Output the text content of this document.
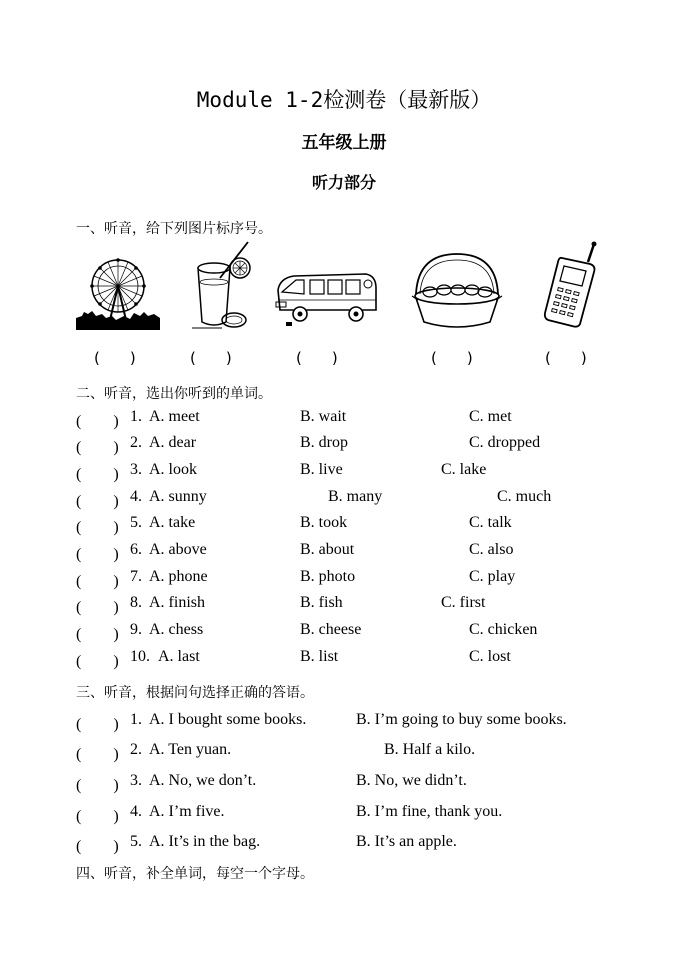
Module 1-2检测卷（最新版）
五年级上册
听力部分
一、听音，给下列图片标序号。
(　　)	(　　)	(　　)	(　　)	(　　)
二、听音，选出你听到的单词。
(　　) 1. A. meet	B. wait	C. met
(　　) 2. A. dear	B. drop	C. dropped
(　　) 3. A. look	B. live	C. lake
(　　) 4. A. sunny	B. many	C. much
(　　) 5. A. take	B. took	C. talk
(　　) 6. A. above	B. about	C. also
(　　) 7. A. phone	B. photo	C. play
(　　) 8. A. finish	B. fish	C. first
(　　) 9. A. chess	B. cheese	C. chicken
(　　) 10. A. last	B. list	C. lost
三、听音，根据问句选择正确的答语。
(　　) 1. A. I bought some books.	B. I’m going to buy some books.
(　　) 2. A. Ten yuan.	B. Half a kilo.
(　　) 3. A. No, we don’t.	B. No, we didn’t.
(　　) 4. A. I’m five.	B. I’m fine, thank you.
(　　) 5. A. It’s in the bag.	B. It’s an apple.
四、听音，补全单词，每空一个字母。
